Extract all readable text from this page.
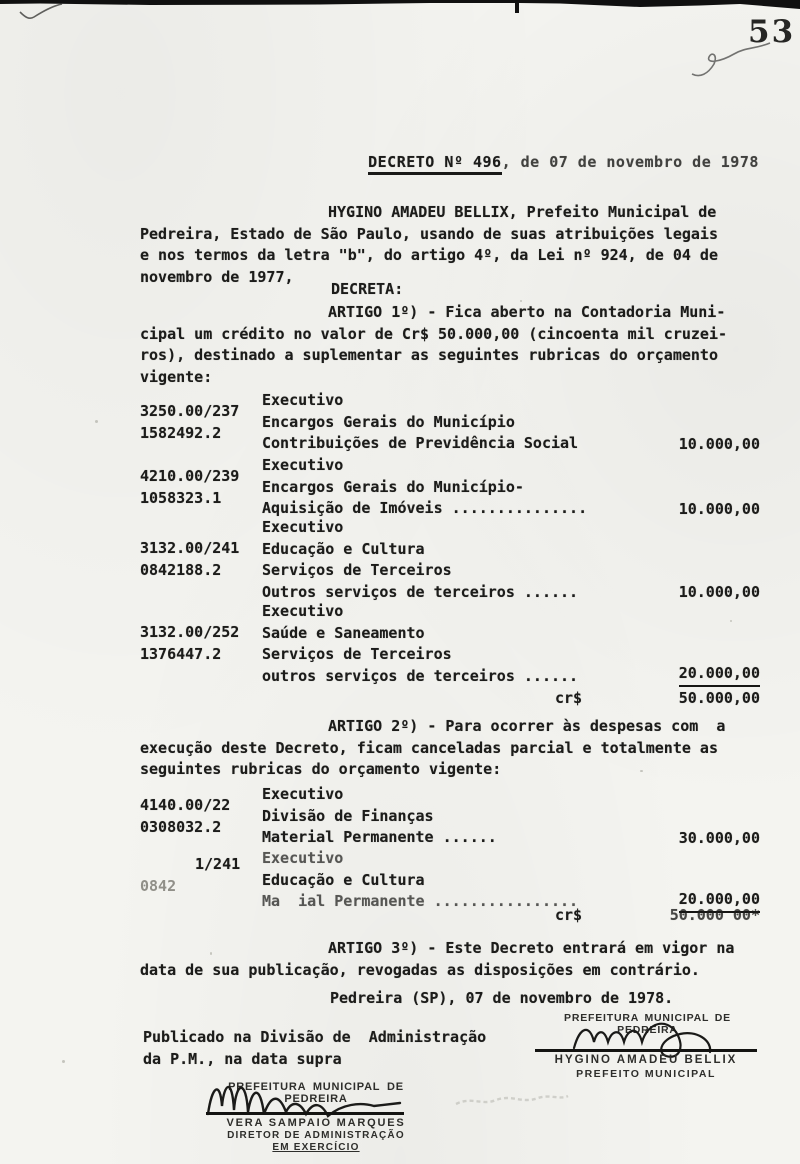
53

DECRETO Nº 496, de 07 de novembro de 1978

HYGINO AMADEU BELLIX, Prefeito Municipal de
Pedreira, Estado de São Paulo, usando de suas atribuições legais
e nos termos da letra "b", do artigo 4º, da Lei nº 924, de 04 de
novembro de 1977,
DECRETA:
ARTIGO 1º) - Fica aberto na Contadoria Muni-
cipal um crédito no valor de Cr$ 50.000,00 (cincoenta mil cruzei-
ros), destinado a suplementar as seguintes rubricas do orçamento
vigente:
3250.00/237
1582492.2
Executivo
Encargos Gerais do Município
Contribuições de Previdência Social	10.000,00
4210.00/239
1058323.1
Executivo
Encargos Gerais do Município-
Aquisição de Imóveis ...............	10.000,00
3132.00/241
0842188.2
Executivo
Educação e Cultura
Serviços de Terceiros
Outros serviços de terceiros ......	10.000,00
3132.00/252
1376447.2
Executivo
Saúde e Saneamento
Serviços de Terceiros
outros serviços de terceiros ......	20.000,00
cr$	50.000,00
ARTIGO 2º) - Para ocorrer às despesas com  a
execução deste Decreto, ficam canceladas parcial e totalmente as
seguintes rubricas do orçamento vigente:
4140.00/22
0308032.2
Executivo
Divisão de Finanças
Material Permanente ......	30.000,00
1/241
0842
Executivo
Educação e Cultura
Ma  ial Permanente ................	20.000,00
cr$	50.000 00*
ARTIGO 3º) - Este Decreto entrará em vigor na
data de sua publicação, revogadas as disposições em contrário.
Pedreira (SP), 07 de novembro de 1978.
PREFEITURA MUNICIPAL DE PEDREIRA
HYGINO AMADEU BELLIX
PREFEITO MUNICIPAL
Publicado na Divisão de  Administração
da P.M., na data supra
PREFEITURA MUNICIPAL DE PEDREIRA
VERA SAMPAIO MARQUES
DIRETOR DE ADMINISTRAÇÃO
EM EXERCÍCIO
